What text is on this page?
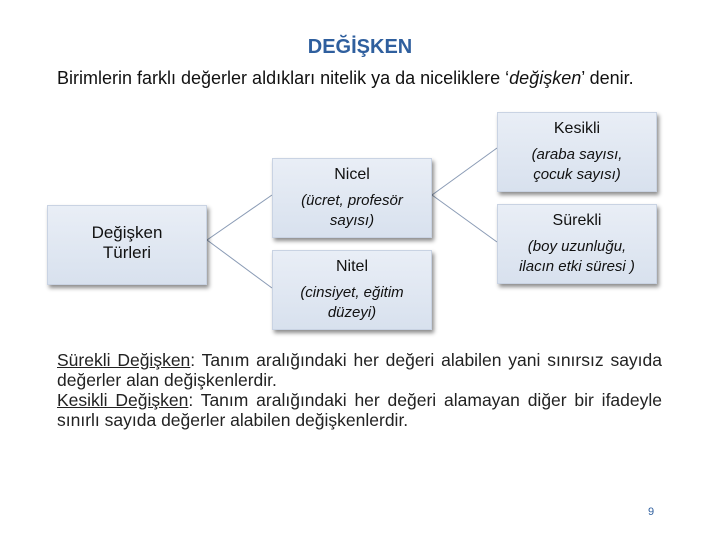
DEĞİŞKEN
Birimlerin farklı değerler aldıkları nitelik ya da niceliklere ‘değişken’ denir.
Değişken
Türleri
Nicel
(ücret, profesör
sayısı)
Nitel
(cinsiyet, eğitim
düzeyi)
Kesikli
(araba sayısı,
çocuk sayısı)
Sürekli
(boy uzunluğu,
ilacın etki süresi )

Sürekli Değişken: Tanım aralığındaki her değeri alabilen yani sınırsız sayıda değerler alan değişkenlerdir.

Kesikli Değişken: Tanım aralığındaki her değeri alamayan diğer bir ifadeyle sınırlı sayıda değerler alabilen değişkenlerdir.

9
